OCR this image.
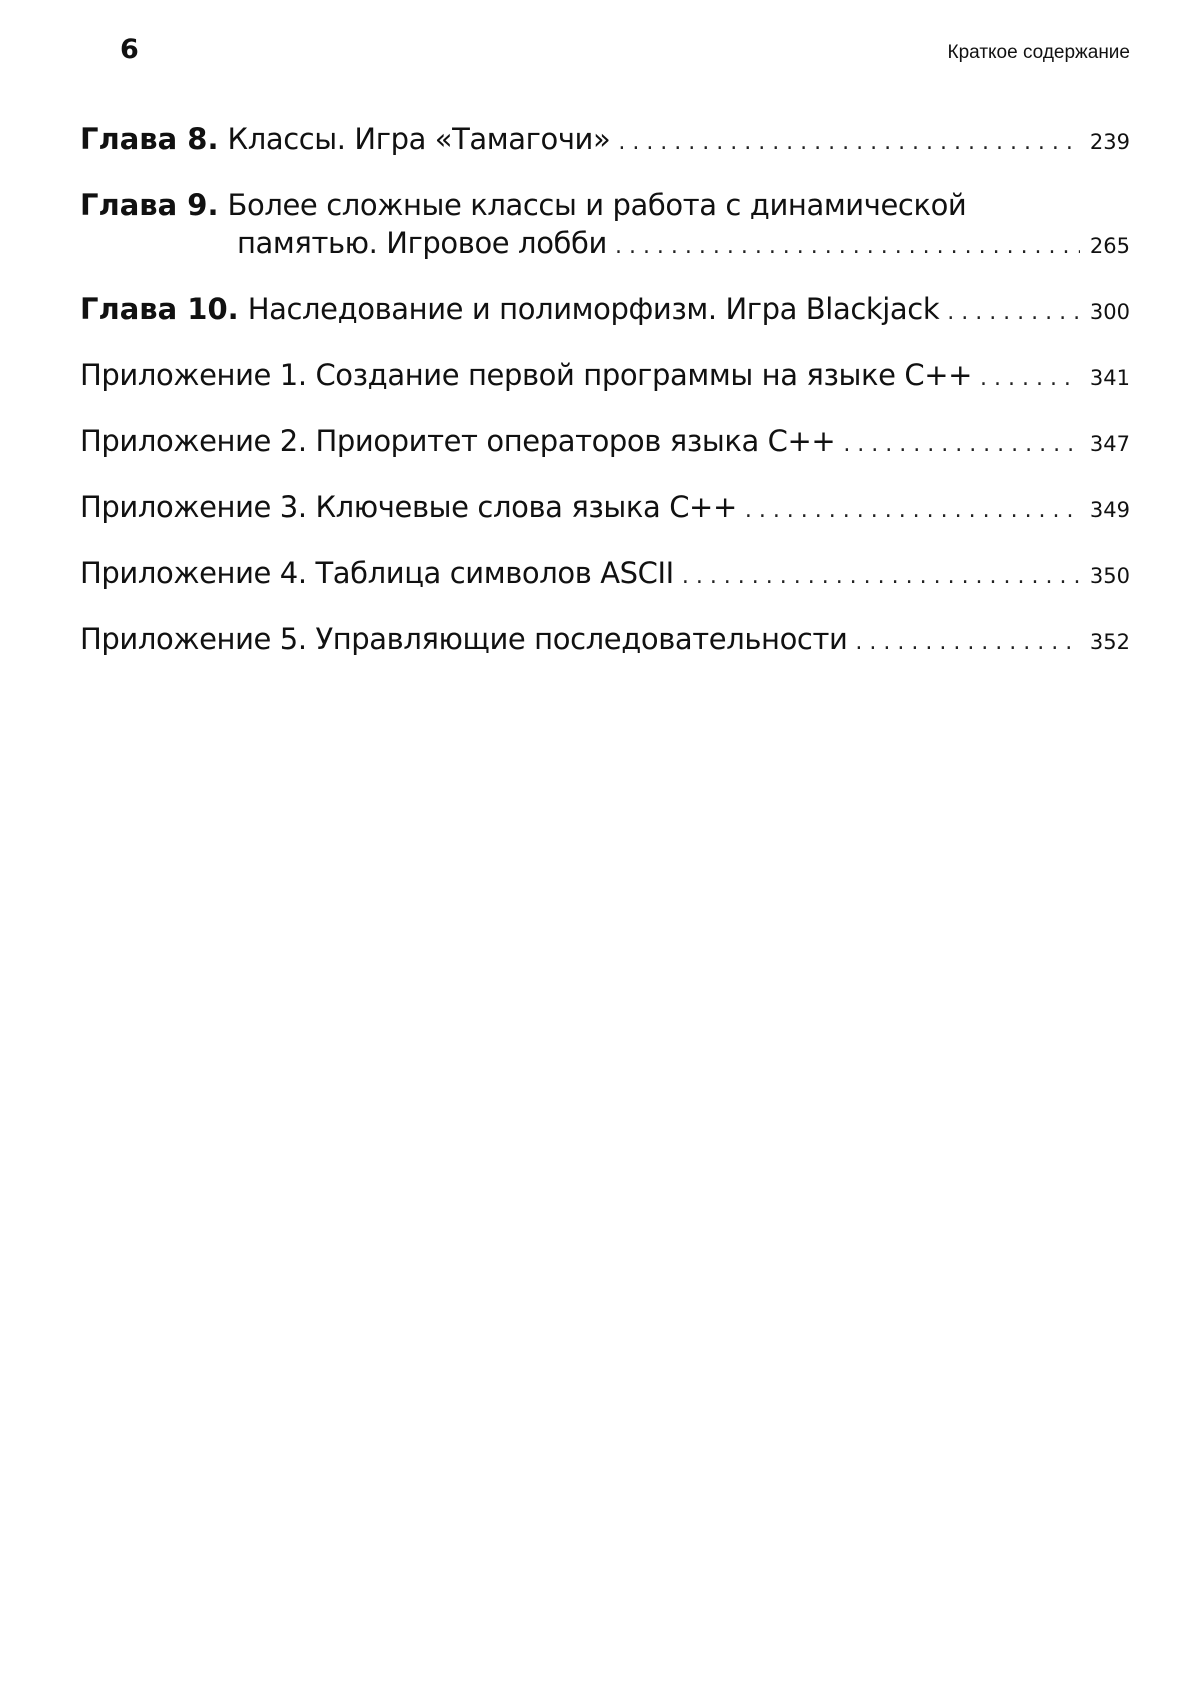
6	Краткое содержание
Глава 8. Классы. Игра «Тамагочи» . . .	239
Глава 9. Более сложные классы и работа с динамической
памятью. Игровое лобби . . .	265
Глава 10. Наследование и полиморфизм. Игра Blackjack . . .	300
Приложение 1. Создание первой программы на языке С++ . . .	341
Приложение 2. Приоритет операторов языка С++ . . .	347
Приложение 3. Ключевые слова языка С++ . . .	349
Приложение 4. Таблица символов ASCII . . .	350
Приложение 5. Управляющие последовательности . . .	352
